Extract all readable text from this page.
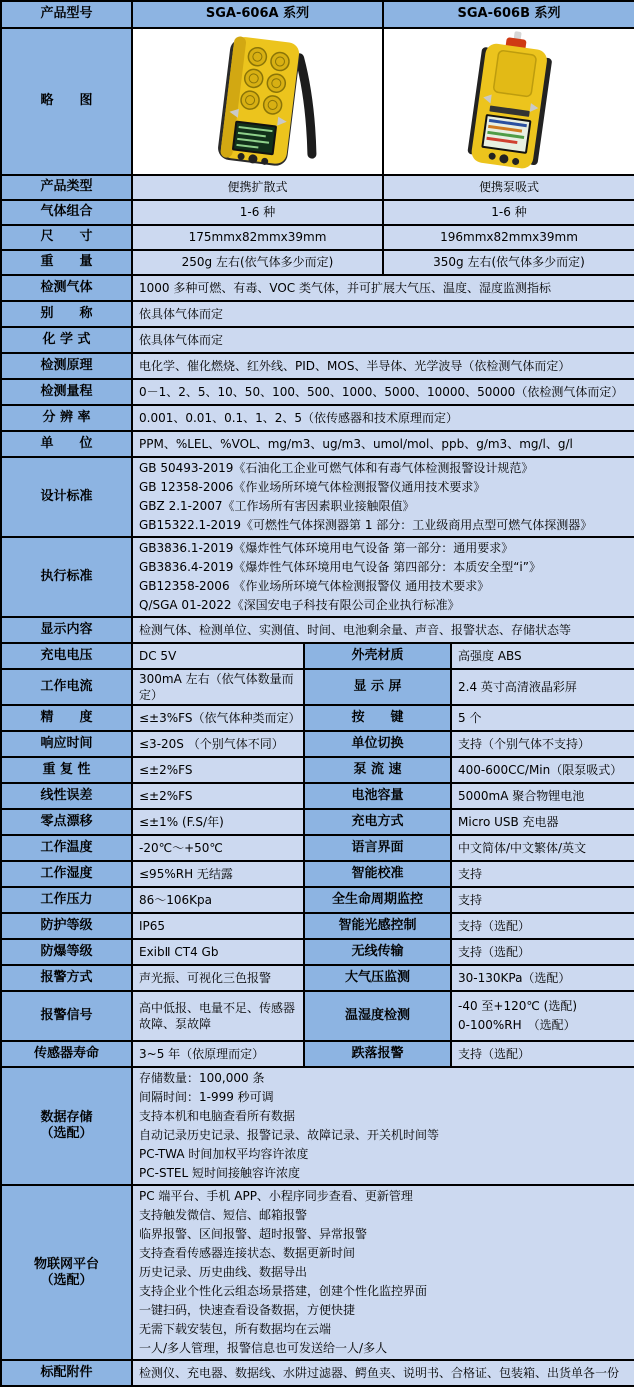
产品型号	SGA-606A 系列	SGA-606B 系列
略　　图	

产品类型	便携扩散式	便携泵吸式
气体组合	1-6 种	1-6 种
尺　　寸	175mmx82mmx39mm	196mmx82mmx39mm
重　　量	250g 左右(依气体多少而定)	350g 左右(依气体多少而定)
检测气体	1000 多种可燃、有毒、VOC 类气体，并可扩展大气压、温度、湿度监测指标
别　　称	依具体气体而定
化 学 式	依具体气体而定
检测原理	电化学、催化燃烧、红外线、PID、MOS、半导体、光学波导（依检测气体而定）
检测量程	0－1、2、5、10、50、100、500、1000、5000、10000、50000（依检测气体而定）
分 辨 率	0.001、0.01、0.1、1、2、5（依传感器和技术原理而定）
单　　位	PPM、%LEL、%VOL、mg/m3、ug/m3、umol/mol、ppb、g/m3、mg/l、g/l
设计标准	GB 50493-2019《石油化工企业可燃气体和有毒气体检测报警设计规范》
GB 12358-2006《作业场所环境气体检测报警仪通用技术要求》
GBZ 2.1-2007《工作场所有害因素职业接触限值》
GB15322.1-2019《可燃性气体探测器第 1 部分：工业级商用点型可燃气体探测器》

执行标准	GB3836.1-2019《爆炸性气体环境用电气设备 第一部分：通用要求》
GB3836.4-2019《爆炸性气体环境用电气设备 第四部分：本质安全型“i”》
GB12358-2006 《作业场所环境气体检测报警仪 通用技术要求》
Q/SGA 01-2022《深国安电子科技有限公司企业执行标准》

显示内容	检测气体、检测单位、实测值、时间、电池剩余量、声音、报警状态、存储状态等
充电电压	DC 5V	外壳材质	高强度 ABS
工作电流	300mA 左右（依气体数量而定）	显 示 屏	2.4 英寸高清液晶彩屏
精　　度	≤±3%FS（依气体种类而定）	按　　键	5 个
响应时间	≤3-20S （个别气体不同）	单位切换	支持（个别气体不支持）
重 复 性	≤±2%FS	泵 流 速	400-600CC/Min（限泵吸式）
线性误差	≤±2%FS	电池容量	5000mA 聚合物锂电池
零点漂移	≤±1% (F.S/年)	充电方式	Micro USB 充电器
工作温度	-20℃～+50℃	语言界面	中文简体/中文繁体/英文
工作湿度	≤95%RH 无结露	智能校准	支持
工作压力	86～106Kpa	全生命周期监控	支持
防护等级	IP65	智能光感控制	支持（选配）
防爆等级	ExibⅡ CT4 Gb	无线传输	支持（选配）
报警方式	声光振、可视化三色报警	大气压监测	30-130KPa（选配）
报警信号	高中低报、电量不足、传感器故障、泵故障	温湿度检测	-40 至+120℃ (选配)
0-100%RH　（选配）

传感器寿命	3~5 年（依原理而定）	跌落报警	支持（选配）
数据存储
（选配）

存储数量：100,000 条
间隔时间：1-999 秒可调
支持本机和电脑查看所有数据
自动记录历史记录、报警记录、故障记录、开关机时间等
PC-TWA 时间加权平均容许浓度
PC-STEL 短时间接触容许浓度

物联网平台
（选配）

PC 端平台、手机 APP、小程序同步查看、更新管理
支持触发微信、短信、邮箱报警
临界报警、区间报警、超时报警、异常报警
支持查看传感器连接状态、数据更新时间
历史记录、历史曲线、数据导出
支持企业个性化云组态场景搭建，创建个性化监控界面
一键扫码，快速查看设备数据，方便快捷
无需下载安装包，所有数据均在云端
一人/多人管理，报警信息也可发送给一人/多人

标配附件	检测仪、充电器、数据线、水阱过滤器、鳄鱼夹、说明书、合格证、包装箱、出货单各一份
